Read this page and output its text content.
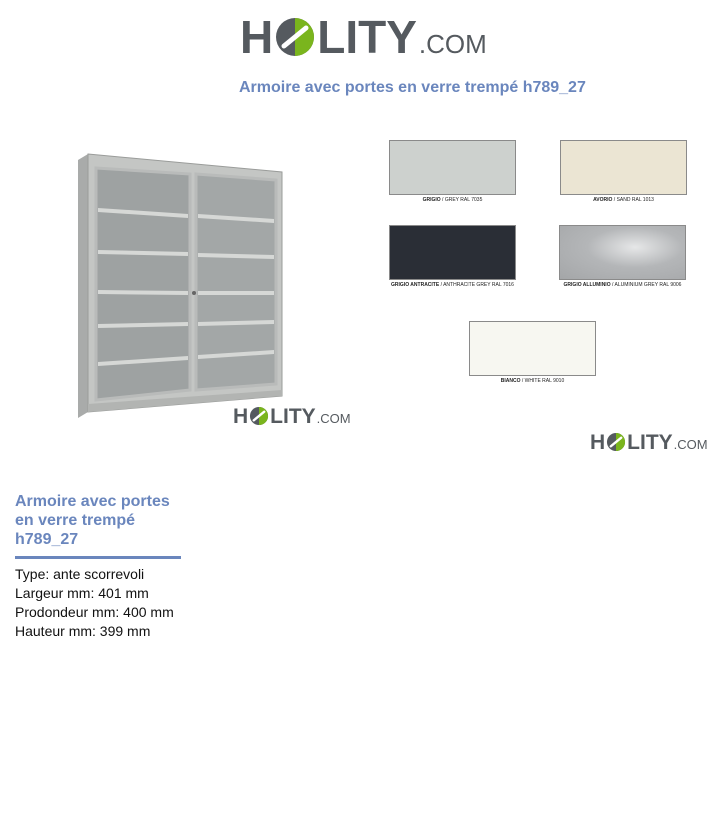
H LITY .COM
Armoire avec portes en verre trempé h789_27
H LITY .COM
GRIGIO / GREY RAL 7035	AVORIO / SAND RAL 1013
GRIGIO ANTRACITE / ANTHRACITE GREY RAL 7016	GRIGIO ALLUMINIO / ALUMINIUM GREY RAL 9006
BIANCO / WHITE RAL 9010
H LITY .COM
Armoire avec portes en verre trempé h789_27
Type: ante scorrevoli
Largeur mm: 401 mm
Prodondeur mm: 400 mm
Hauteur mm: 399 mm
